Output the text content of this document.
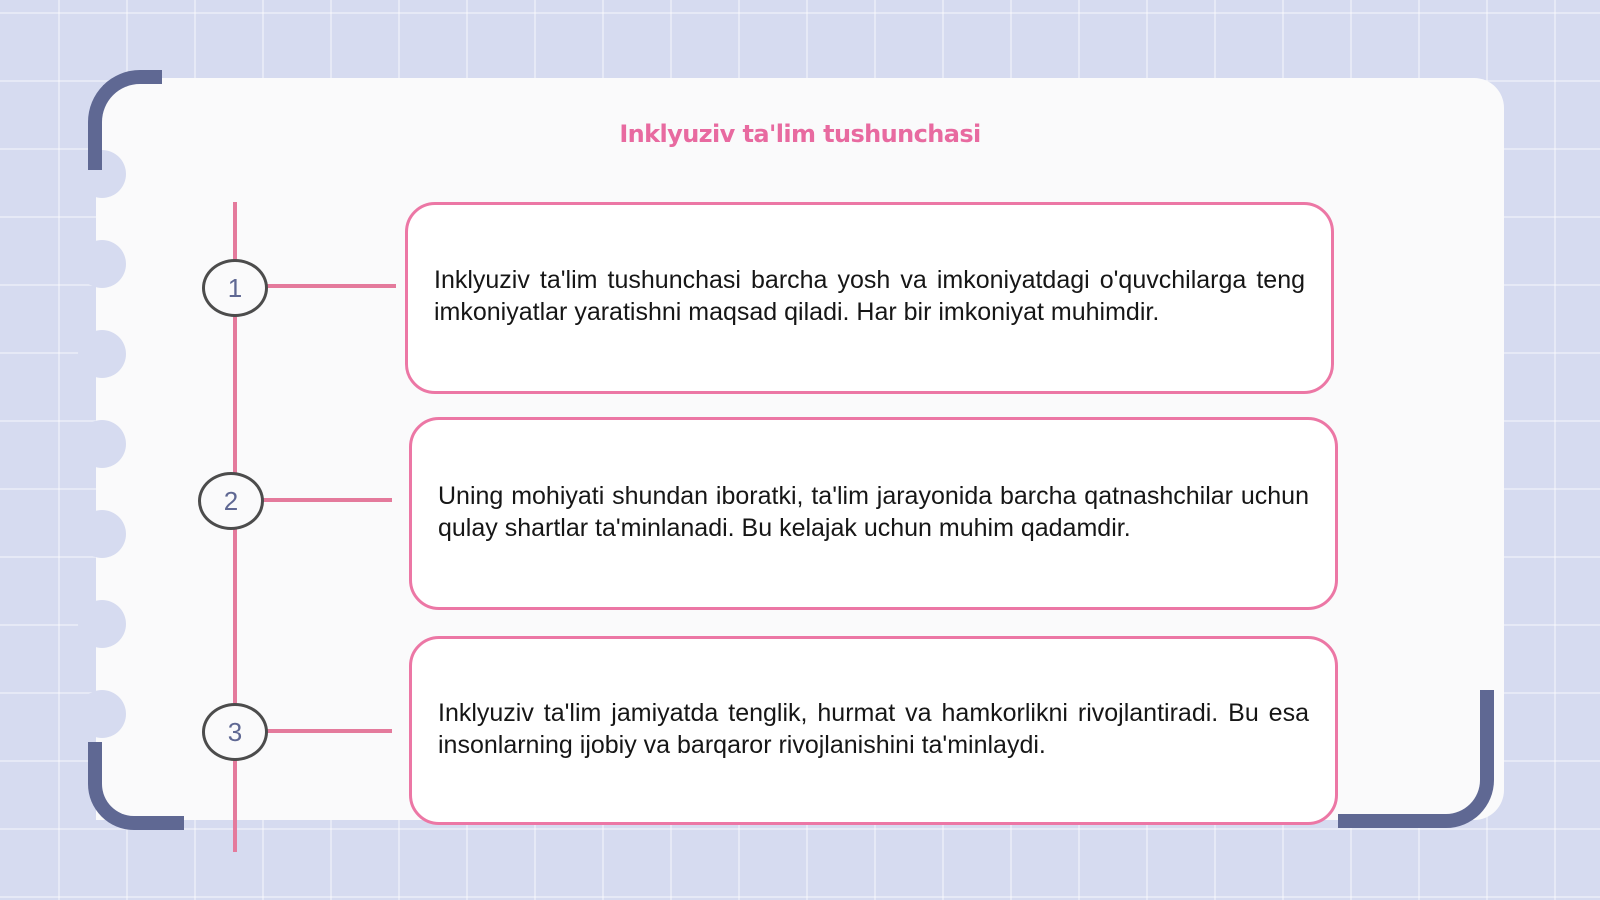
Inklyuziv ta'lim tushunchasi
1
2
3
Inklyuziv ta'lim tushunchasi barcha yosh va imkoniyatdagi o'quvchilarga teng imkoniyatlar yaratishni maqsad qiladi. Har bir imkoniyat muhimdir.
Uning mohiyati shundan iboratki, ta'lim jarayonida barcha qatnashchilar uchun qulay shartlar ta'minlanadi. Bu kelajak uchun muhim qadamdir.
Inklyuziv ta'lim jamiyatda tenglik, hurmat va hamkorlikni rivojlantiradi. Bu esa insonlarning ijobiy va barqaror rivojlanishini ta'minlaydi.
